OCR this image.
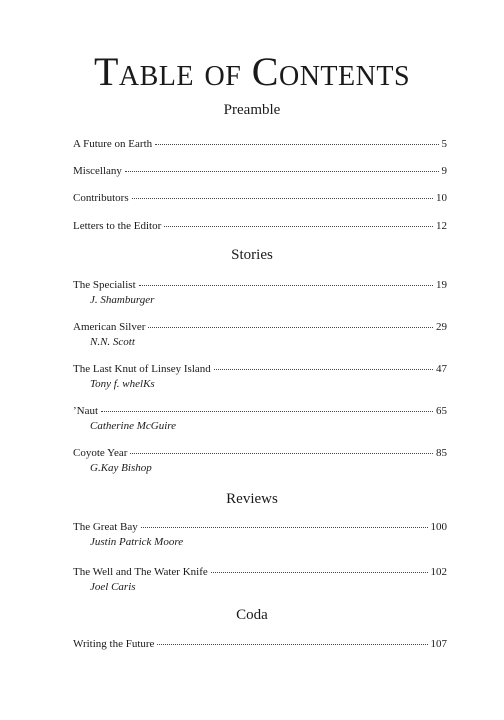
Table of Contents
Preamble
A Future on Earth	5
Miscellany	9
Contributors	10
Letters to the Editor	12
Stories
The Specialist	19
J. Shamburger
American Silver	29
N.N. Scott
The Last Knut of Linsey Island	47
Tony f. whelKs
’Naut	65
Catherine McGuire
Coyote Year	85
G.Kay Bishop
Reviews
The Great Bay	100
Justin Patrick Moore
The Well and The Water Knife	102
Joel Caris
Coda
Writing the Future	107
